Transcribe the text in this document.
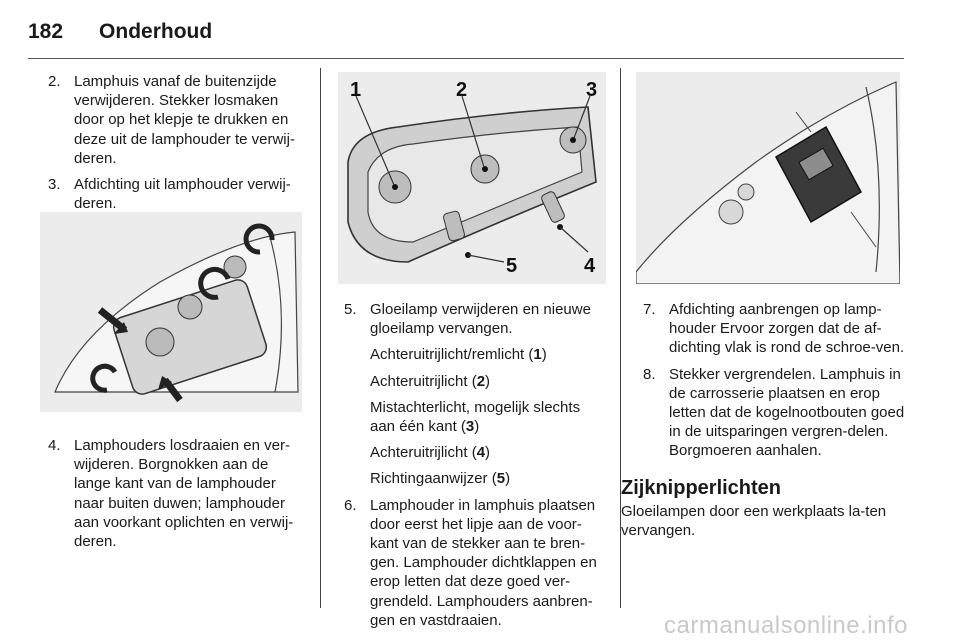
182 Onderhoud
2. Lamphuis vanaf de buitenzijde verwijderen. Stekker losmaken door op het klepje te drukken en deze uit de lamphouder te verwij-deren.
3. Afdichting uit lamphouder verwij-deren.
4. Lamphouders losdraaien en ver-wijderen. Borgnokken aan de lange kant van de lamphouder naar buiten duwen; lamphouder aan voorkant oplichten en verwij-deren.
1	2	3
4
5
5. Gloeilamp verwijderen en nieuwe gloeilamp vervangen.
Achteruitrijlicht/remlicht (1)
Achteruitrijlicht (2)
Mistachterlicht, mogelijk slechts aan één kant (3)
Achteruitrijlicht (4)
Richtingaanwijzer (5)
6. Lamphouder in lamphuis plaatsen door eerst het lipje aan de voor-kant van de stekker aan te bren-gen. Lamphouder dichtklappen en erop letten dat deze goed ver-grendeld. Lamphouders aanbren-gen en vastdraaien.
7. Afdichting aanbrengen op lamp-houder Ervoor zorgen dat de af-dichting vlak is rond de schroe-ven.
8. Stekker vergrendelen. Lamphuis in de carrosserie plaatsen en erop letten dat de kogelnootbouten goed in de uitsparingen vergren-delen. Borgmoeren aanhalen.
Zijknipperlichten
Gloeilampen door een werkplaats la-ten vervangen.
carmanualsonline.info
